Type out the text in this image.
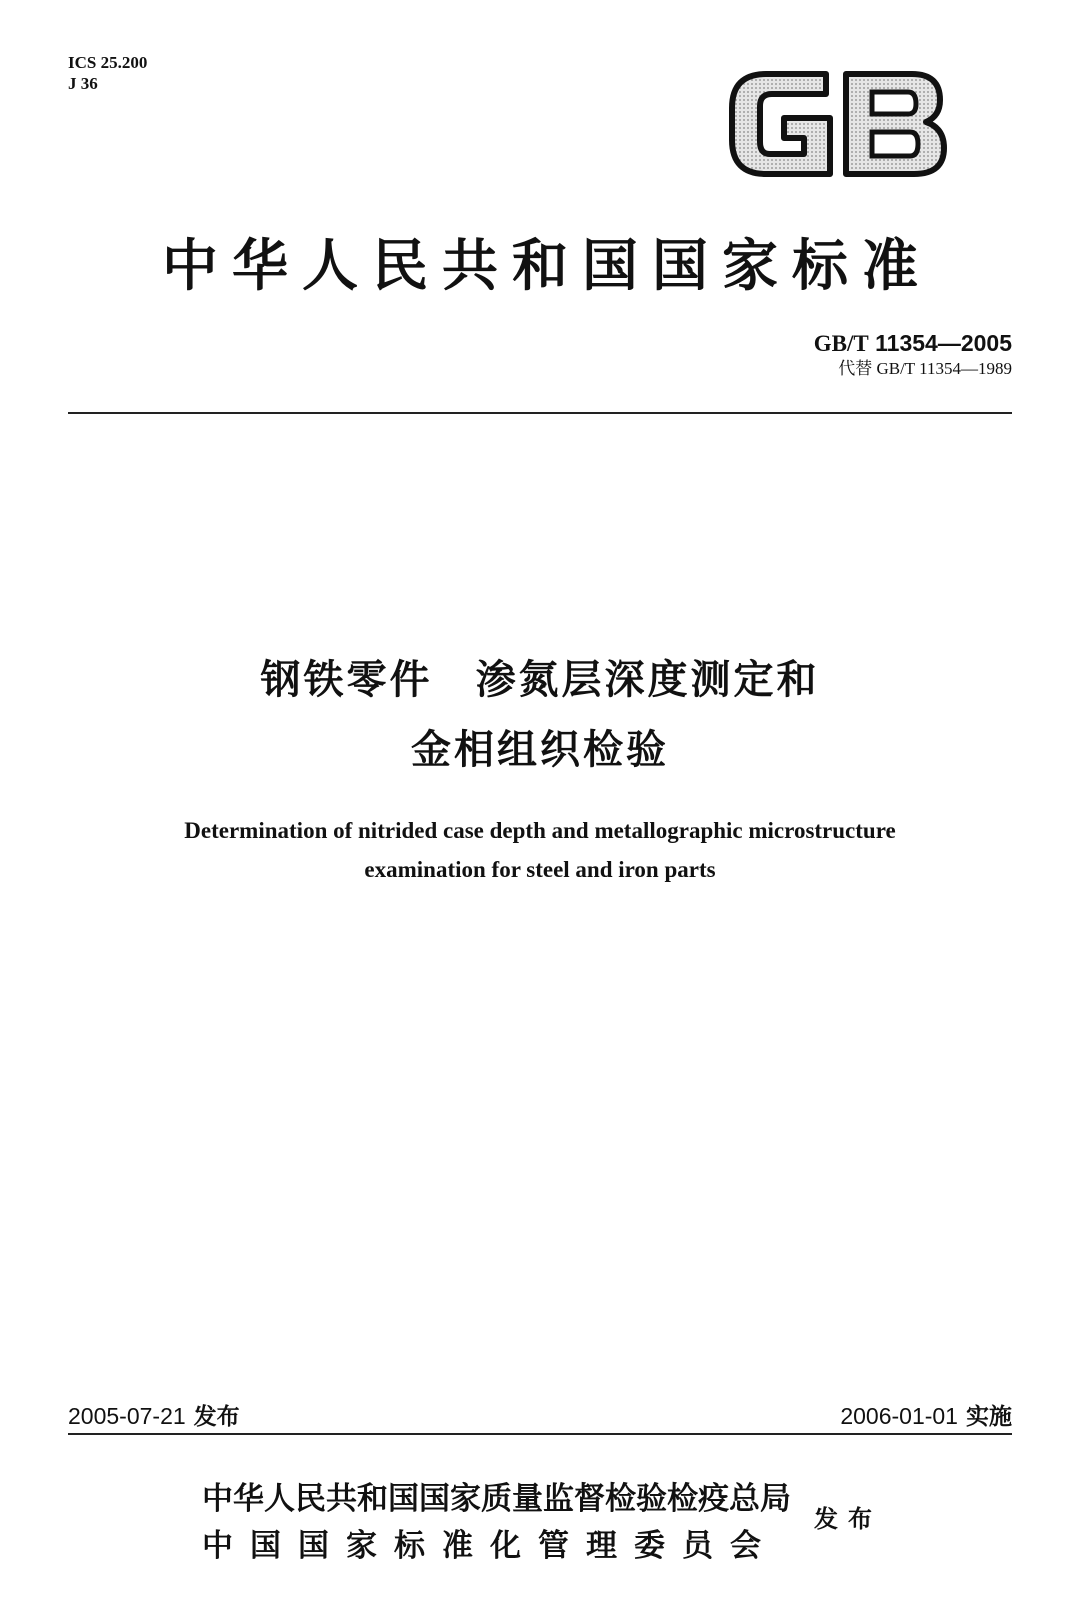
ICS 25.200
J 36
中华人民共和国国家标准
GB/T 11354—2005
代替 GB/T 11354—1989
钢铁零件　渗氮层深度测定和
金相组织检验
Determination of nitrided case depth and metallographic microstructure
examination for steel and iron parts
2005-07-21 发布	2006-01-01 实施
中华人民共和国国家质量监督检验检疫总局
中国国家标准化管理委员会
发布
